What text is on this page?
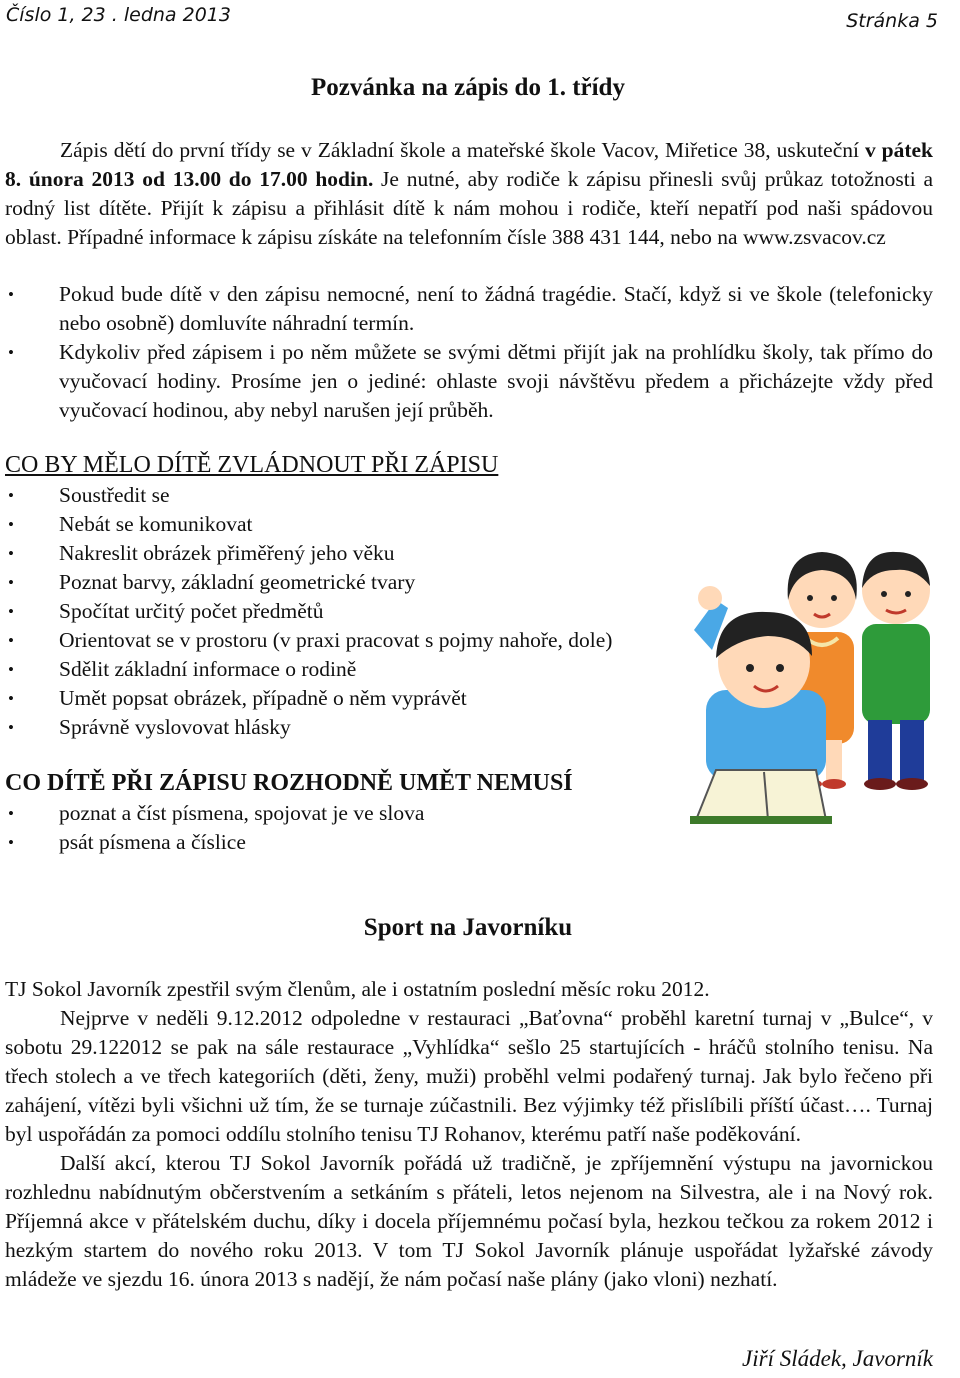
Číslo 1, 23 . ledna 2013	Stránka 5
Pozvánka na zápis do 1. třídy

Zápis dětí do první třídy se v Základní škole a mateřské škole Vacov, Miřetice 38, uskuteční v pátek 8. února 2013 od 13.00 do 17.00 hodin. Je nutné, aby rodiče k zápisu přinesli svůj průkaz totožnosti a rodný list dítěte. Přijít k zápisu a přihlásit dítě k nám mohou i rodiče, kteří nepatří pod naši spádovou oblast. Případné informace k zápisu získáte na telefonním čísle 388 431 144, nebo na www.zsvacov.cz

• Pokud bude dítě v den zápisu nemocné, není to žádná tragédie. Stačí, když si ve škole (telefonicky nebo osobně) domluvíte náhradní termín.
• Kdykoliv před zápisem i po něm můžete se svými dětmi přijít jak na prohlídku školy, tak přímo do vyučovací hodiny. Prosíme jen o jediné: ohlaste svoji návštěvu předem a přicházejte vždy před vyučovací hodinou, aby nebyl narušen její průběh.
CO BY MĚLO DÍTĚ ZVLÁDNOUT PŘI ZÁPISU
• Soustředit se
• Nebát se komunikovat
• Nakreslit obrázek přiměřený jeho věku
• Poznat barvy, základní geometrické tvary
• Spočítat určitý počet předmětů
• Orientovat se v prostoru (v praxi pracovat s pojmy nahoře, dole)
• Sdělit základní informace o rodině
• Umět popsat obrázek, případně o něm vyprávět
• Správně vyslovovat hlásky
CO DÍTĚ PŘI ZÁPISU ROZHODNĚ UMĚT NEMUSÍ
• poznat a číst písmena, spojovat je ve slova
• psát písmena a číslice
Sport na Javorníku

TJ Sokol Javorník zpestřil svým členům, ale i ostatním poslední měsíc roku 2012.

Nejprve v neděli 9.12.2012 odpoledne v restauraci „Baťovna“ proběhl karetní turnaj v „Bulce“, v sobotu 29.122012 se pak na sále restaurace „Vyhlídka“ sešlo 25 startujících - hráčů stolního tenisu. Na třech stolech a ve třech kategoriích (děti, ženy, muži) proběhl velmi podařený turnaj. Jak bylo řečeno při zahájení, vítězi byli všichni už tím, že se turnaje zúčastnili. Bez výjimky též přislíbili příští účast…. Turnaj byl uspořádán za pomoci oddílu stolního tenisu TJ Rohanov, kterému patří naše poděkování.

Další akcí, kterou TJ Sokol Javorník pořádá už tradičně, je zpříjemnění výstupu na javornickou rozhlednu nabídnutým občerstvením a setkáním s přáteli, letos nejenom na Silvestra, ale i na Nový rok. Příjemná akce v přátelském duchu, díky i docela příjemnému počasí byla, hezkou tečkou za rokem 2012 i hezkým startem do nového roku 2013. V tom TJ Sokol Javorník plánuje uspořádat lyžařské závody mládeže ve sjezdu 16. února 2013 s nadějí, že nám počasí naše plány (jako vloni) nezhatí.

Jiří Sládek, Javorník
